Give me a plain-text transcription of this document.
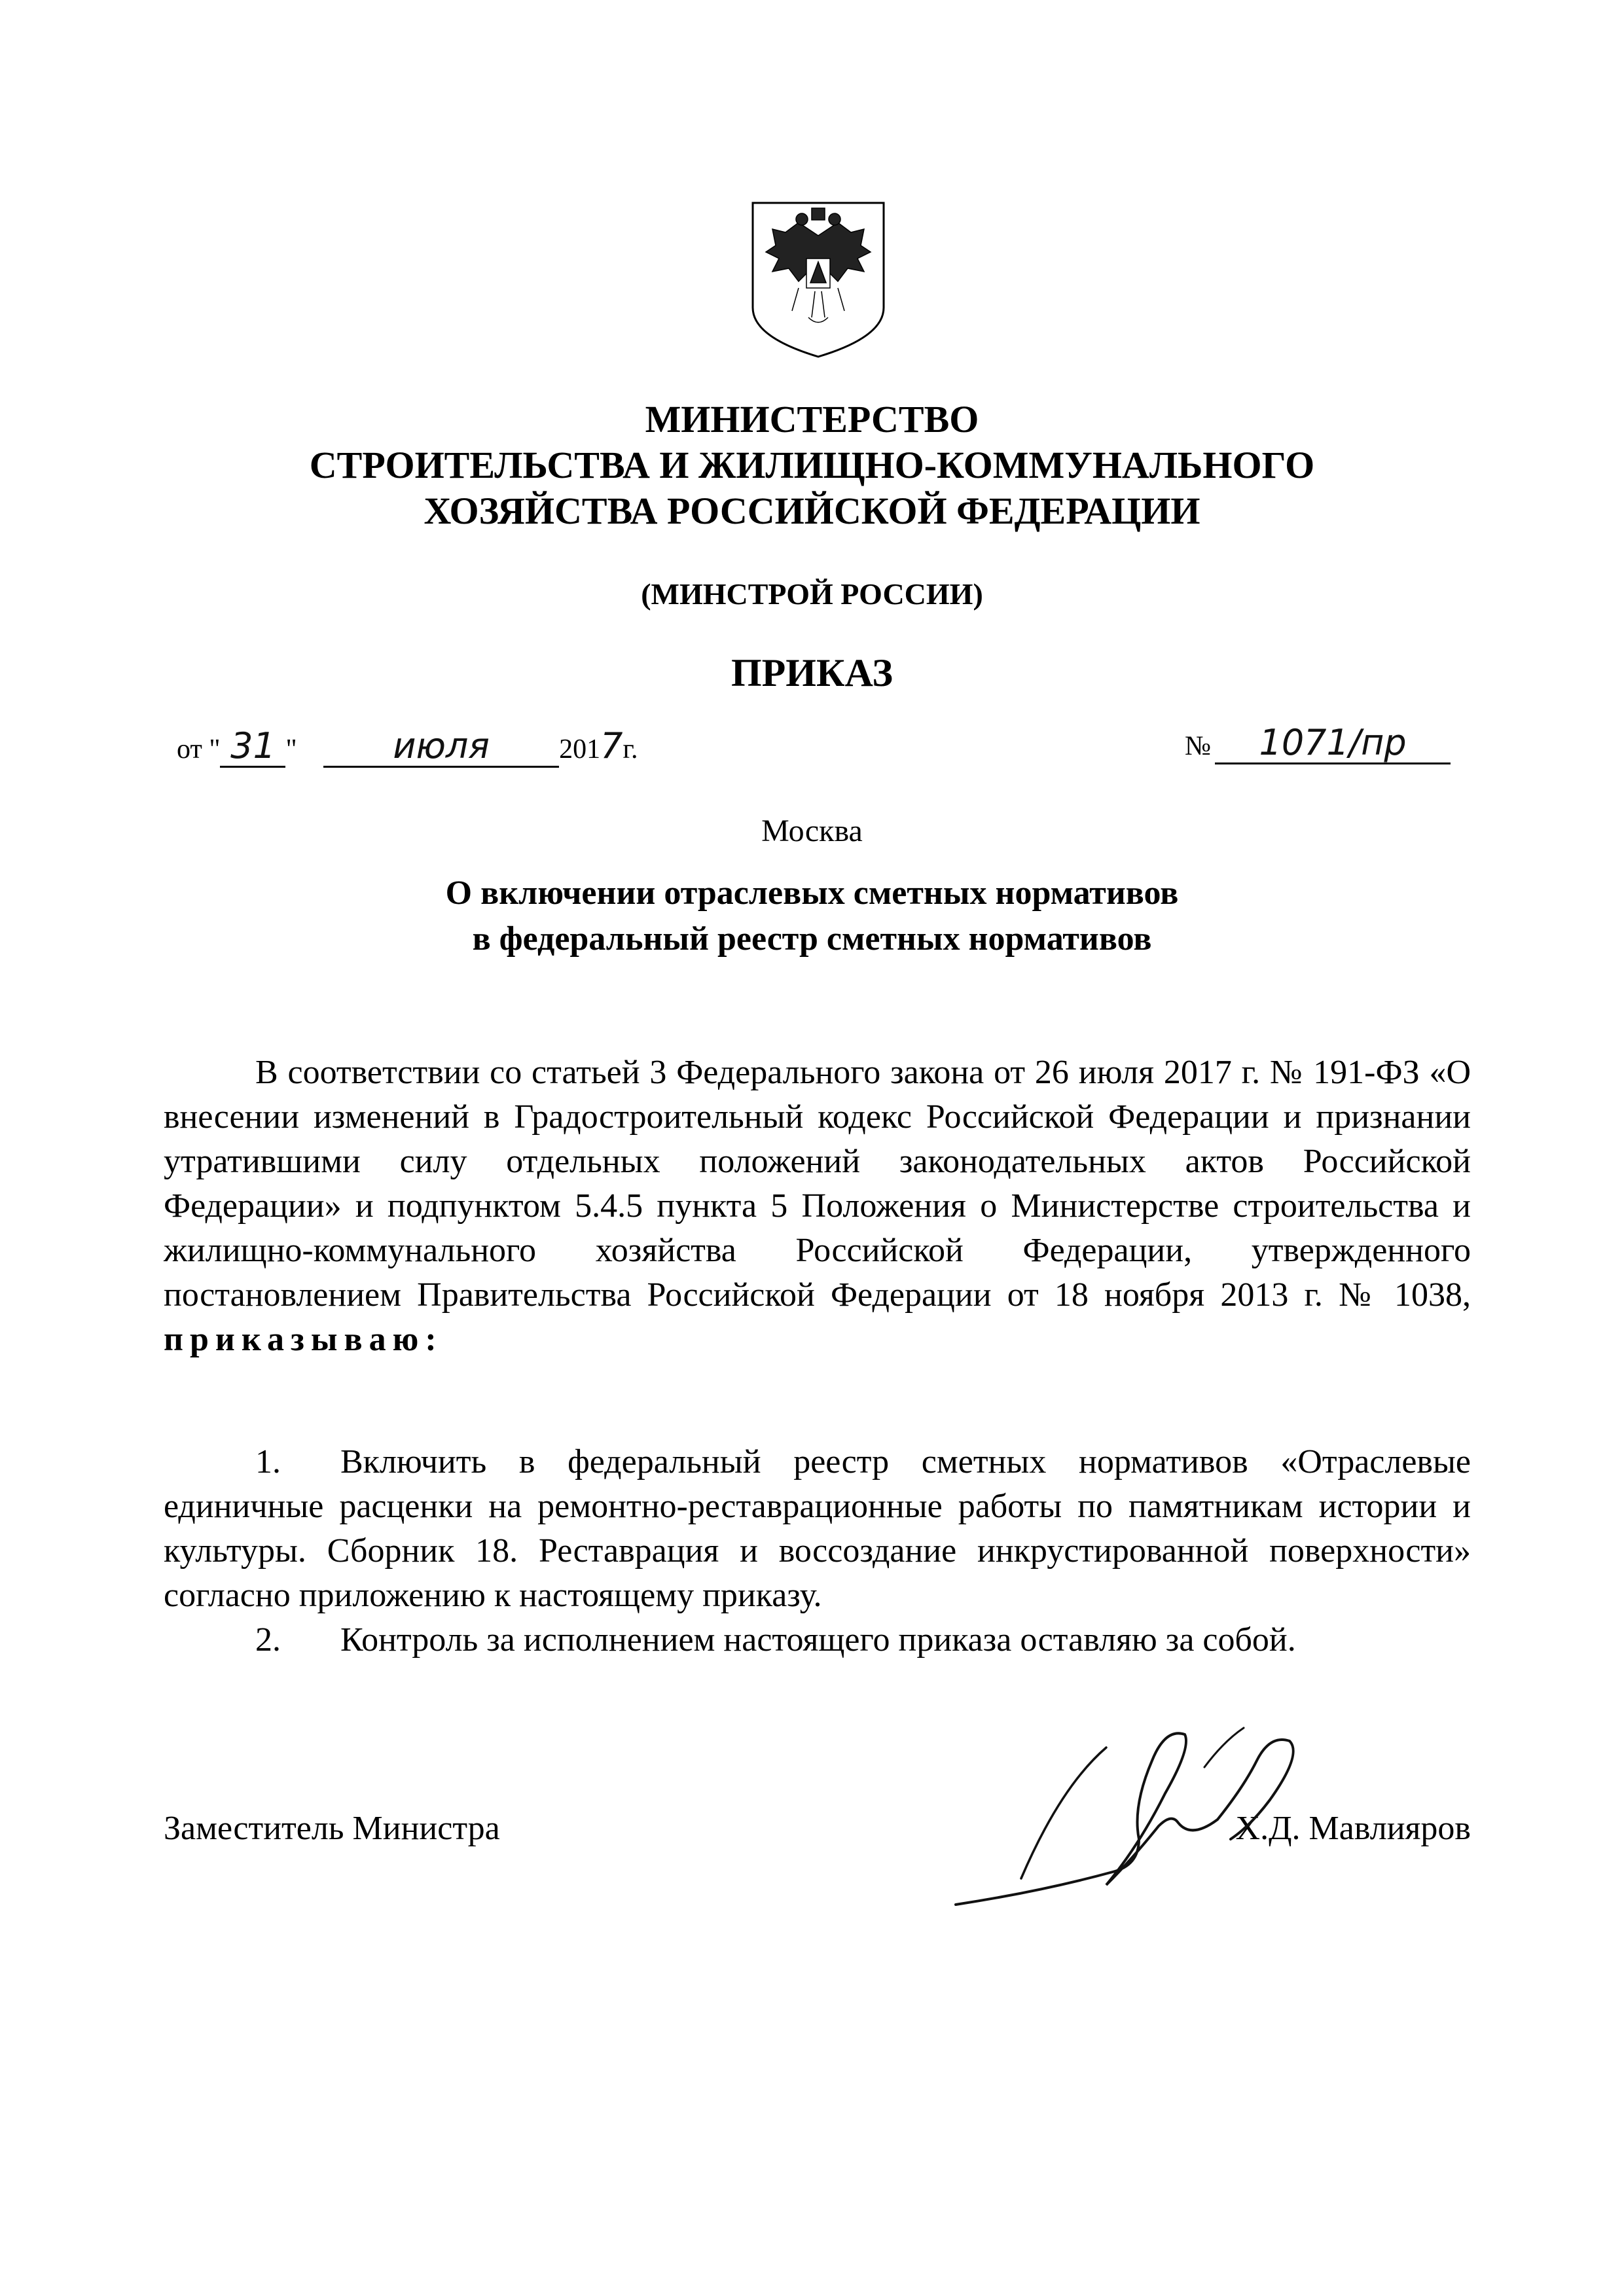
МИНИСТЕРСТВО
СТРОИТЕЛЬСТВА И ЖИЛИЩНО-КОММУНАЛЬНОГО
ХОЗЯЙСТВА РОССИЙСКОЙ ФЕДЕРАЦИИ
(МИНСТРОЙ РОССИИ)
ПРИКАЗ
от " 31 "	июля	2017г.	№ 1071/пр
Москва
О включении отраслевых сметных нормативов
в федеральный реестр сметных нормативов
В соответствии со статьей 3 Федерального закона от 26 июля 2017 г. № 191-ФЗ «О внесении изменений в Градостроительный кодекс Российской Федерации и признании утратившими силу отдельных положений законодательных актов Российской Федерации» и подпунктом 5.4.5 пункта 5 Положения о Министерстве строительства и жилищно-коммунального хозяйства Российской Федерации, утвержденного постановлением Правительства Российской Федерации от 18 ноября 2013 г. № 1038, приказываю:
1. Включить в федеральный реестр сметных нормативов «Отраслевые единичные расценки на ремонтно-реставрационные работы по памятникам истории и культуры. Сборник 18. Реставрация и воссоздание инкрустированной поверхности» согласно приложению к настоящему приказу.
2. Контроль за исполнением настоящего приказа оставляю за собой.
Заместитель Министра	Х.Д. Мавлияров
